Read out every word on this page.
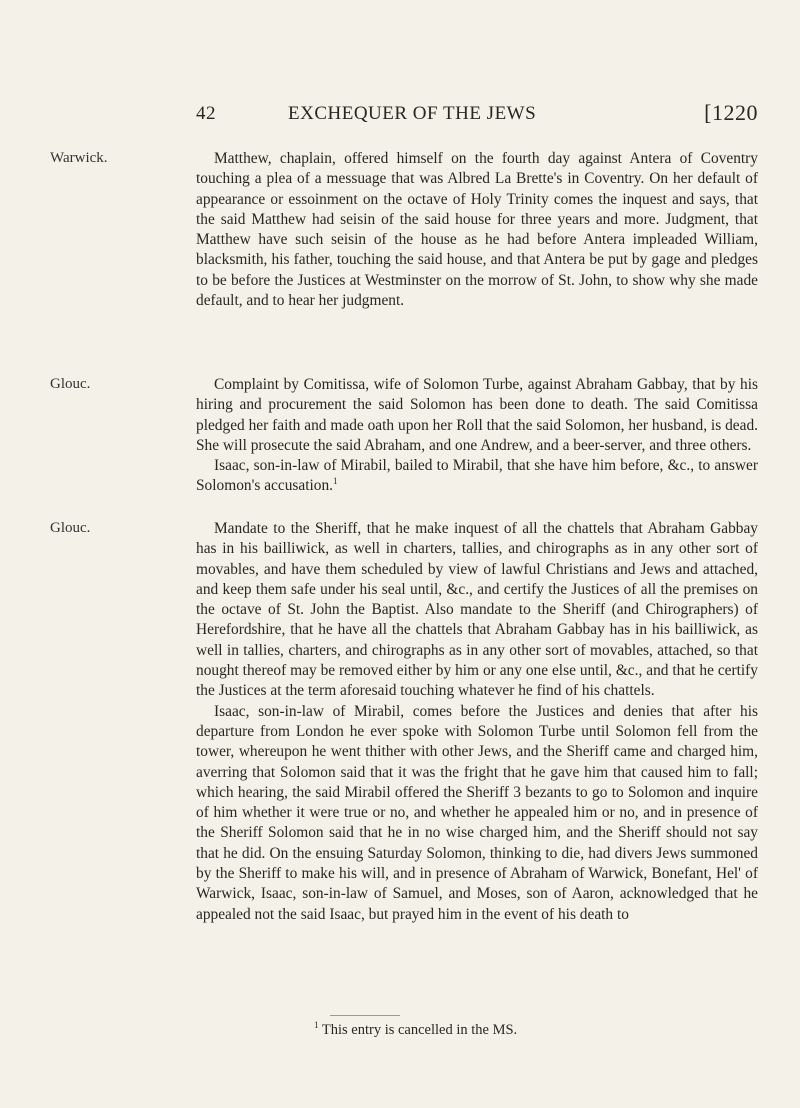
42	EXCHEQUER OF THE JEWS	[1220
Warwick.	Matthew, chaplain, offered himself on the fourth day against Antera of Coventry touching a plea of a messuage that was Albred La Brette's in Coventry. On her default of appearance or essoinment on the octave of Holy Trinity comes the inquest and says, that the said Matthew had seisin of the said house for three years and more. Judgment, that Matthew have such seisin of the house as he had before Antera impleaded William, blacksmith, his father, touching the said house, and that Antera be put by gage and pledges to be before the Justices at Westminster on the morrow of St. John, to show why she made default, and to hear her judgment.

Glouc.	Complaint by Comitissa, wife of Solomon Turbe, against Abraham Gabbay, that by his hiring and procurement the said Solomon has been done to death. The said Comitissa pledged her faith and made oath upon her Roll that the said Solomon, her husband, is dead. She will prosecute the said Abraham, and one Andrew, and a beer-server, and three others.

Isaac, son-in-law of Mirabil, bailed to Mirabil, that she have him before, &c., to answer Solomon's accusation.$^1$

Glouc.	Mandate to the Sheriff, that he make inquest of all the chattels that Abraham Gabbay has in his bailliwick, as well in charters, tallies, and chirographs as in any other sort of movables, and have them scheduled by view of lawful Christians and Jews and attached, and keep them safe under his seal until, &c., and certify the Justices of all the premises on the octave of St. John the Baptist. Also mandate to the Sheriff (and Chirographers) of Herefordshire, that he have all the chattels that Abraham Gabbay has in his bailliwick, as well in tallies, charters, and chirographs as in any other sort of movables, attached, so that nought thereof may be removed either by him or any one else until, &c., and that he certify the Justices at the term aforesaid touching whatever he find of his chattels.

Isaac, son-in-law of Mirabil, comes before the Justices and denies that after his departure from London he ever spoke with Solomon Turbe until Solomon fell from the tower, whereupon he went thither with other Jews, and the Sheriff came and charged him, averring that Solomon said that it was the fright that he gave him that caused him to fall; which hearing, the said Mirabil offered the Sheriff 3 bezants to go to Solomon and inquire of him whether it were true or no, and whether he appealed him or no, and in presence of the Sheriff Solomon said that he in no wise charged him, and the Sheriff should not say that he did. On the ensuing Saturday Solomon, thinking to die, had divers Jews summoned by the Sheriff to make his will, and in presence of Abraham of Warwick, Bonefant, Hel' of Warwick, Isaac, son-in-law of Samuel, and Moses, son of Aaron, acknowledged that he appealed not the said Isaac, but prayed him in the event of his death to

$^1$ This entry is cancelled in the MS.
